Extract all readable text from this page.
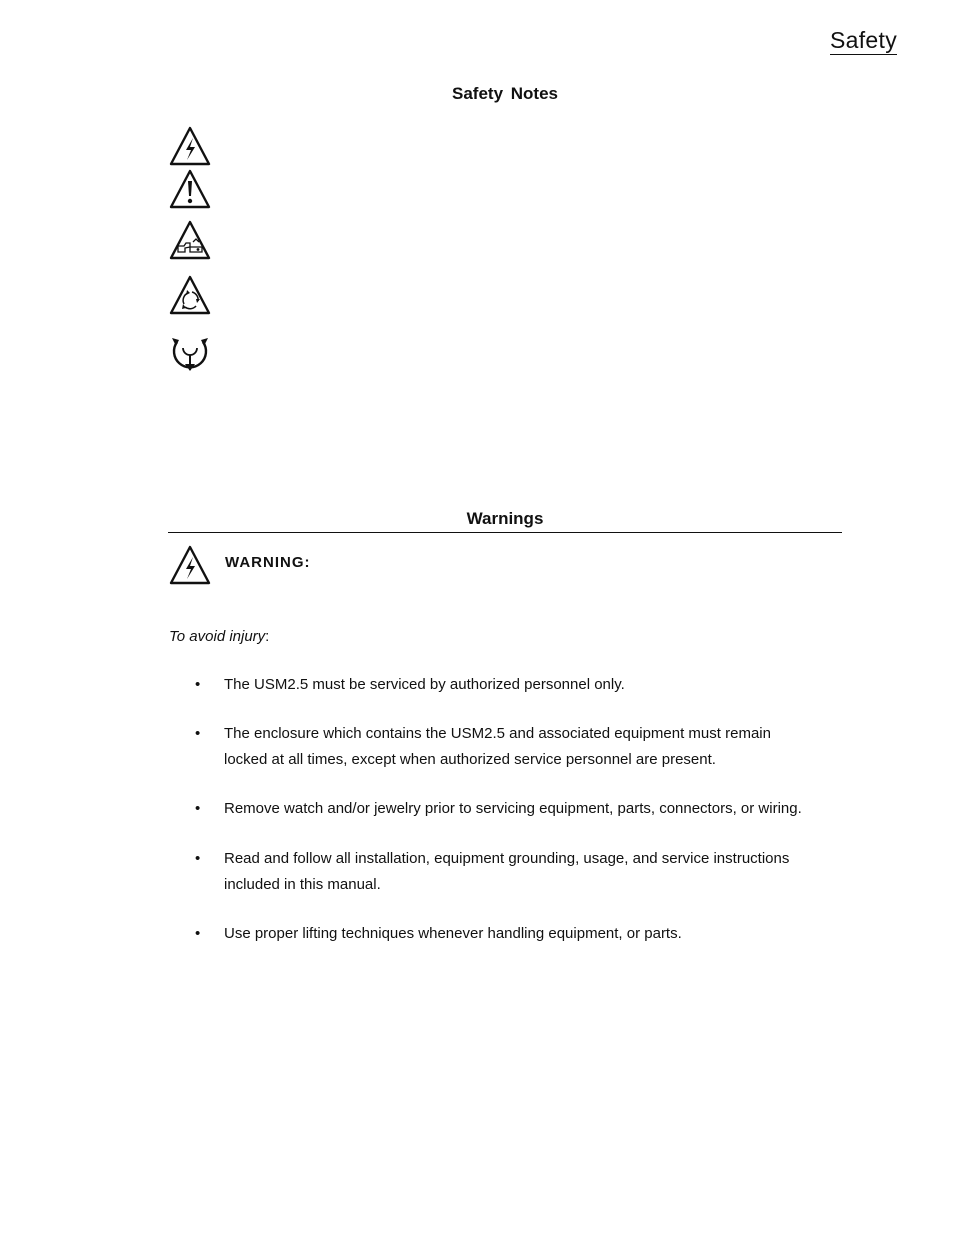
Safety
Safety Notes
Warnings
WARNING:
To avoid injury:
• The USM2.5 must be serviced by authorized personnel only.
• The enclosure which contains the USM2.5 and associated equipment must remain locked at all times, except when authorized service personnel are present.
• Remove watch and/or jewelry prior to servicing equipment, parts, connectors, or wiring.
• Read and follow all installation, equipment grounding, usage, and service instructions included in this manual.
• Use proper lifting techniques whenever handling equipment, or parts.
